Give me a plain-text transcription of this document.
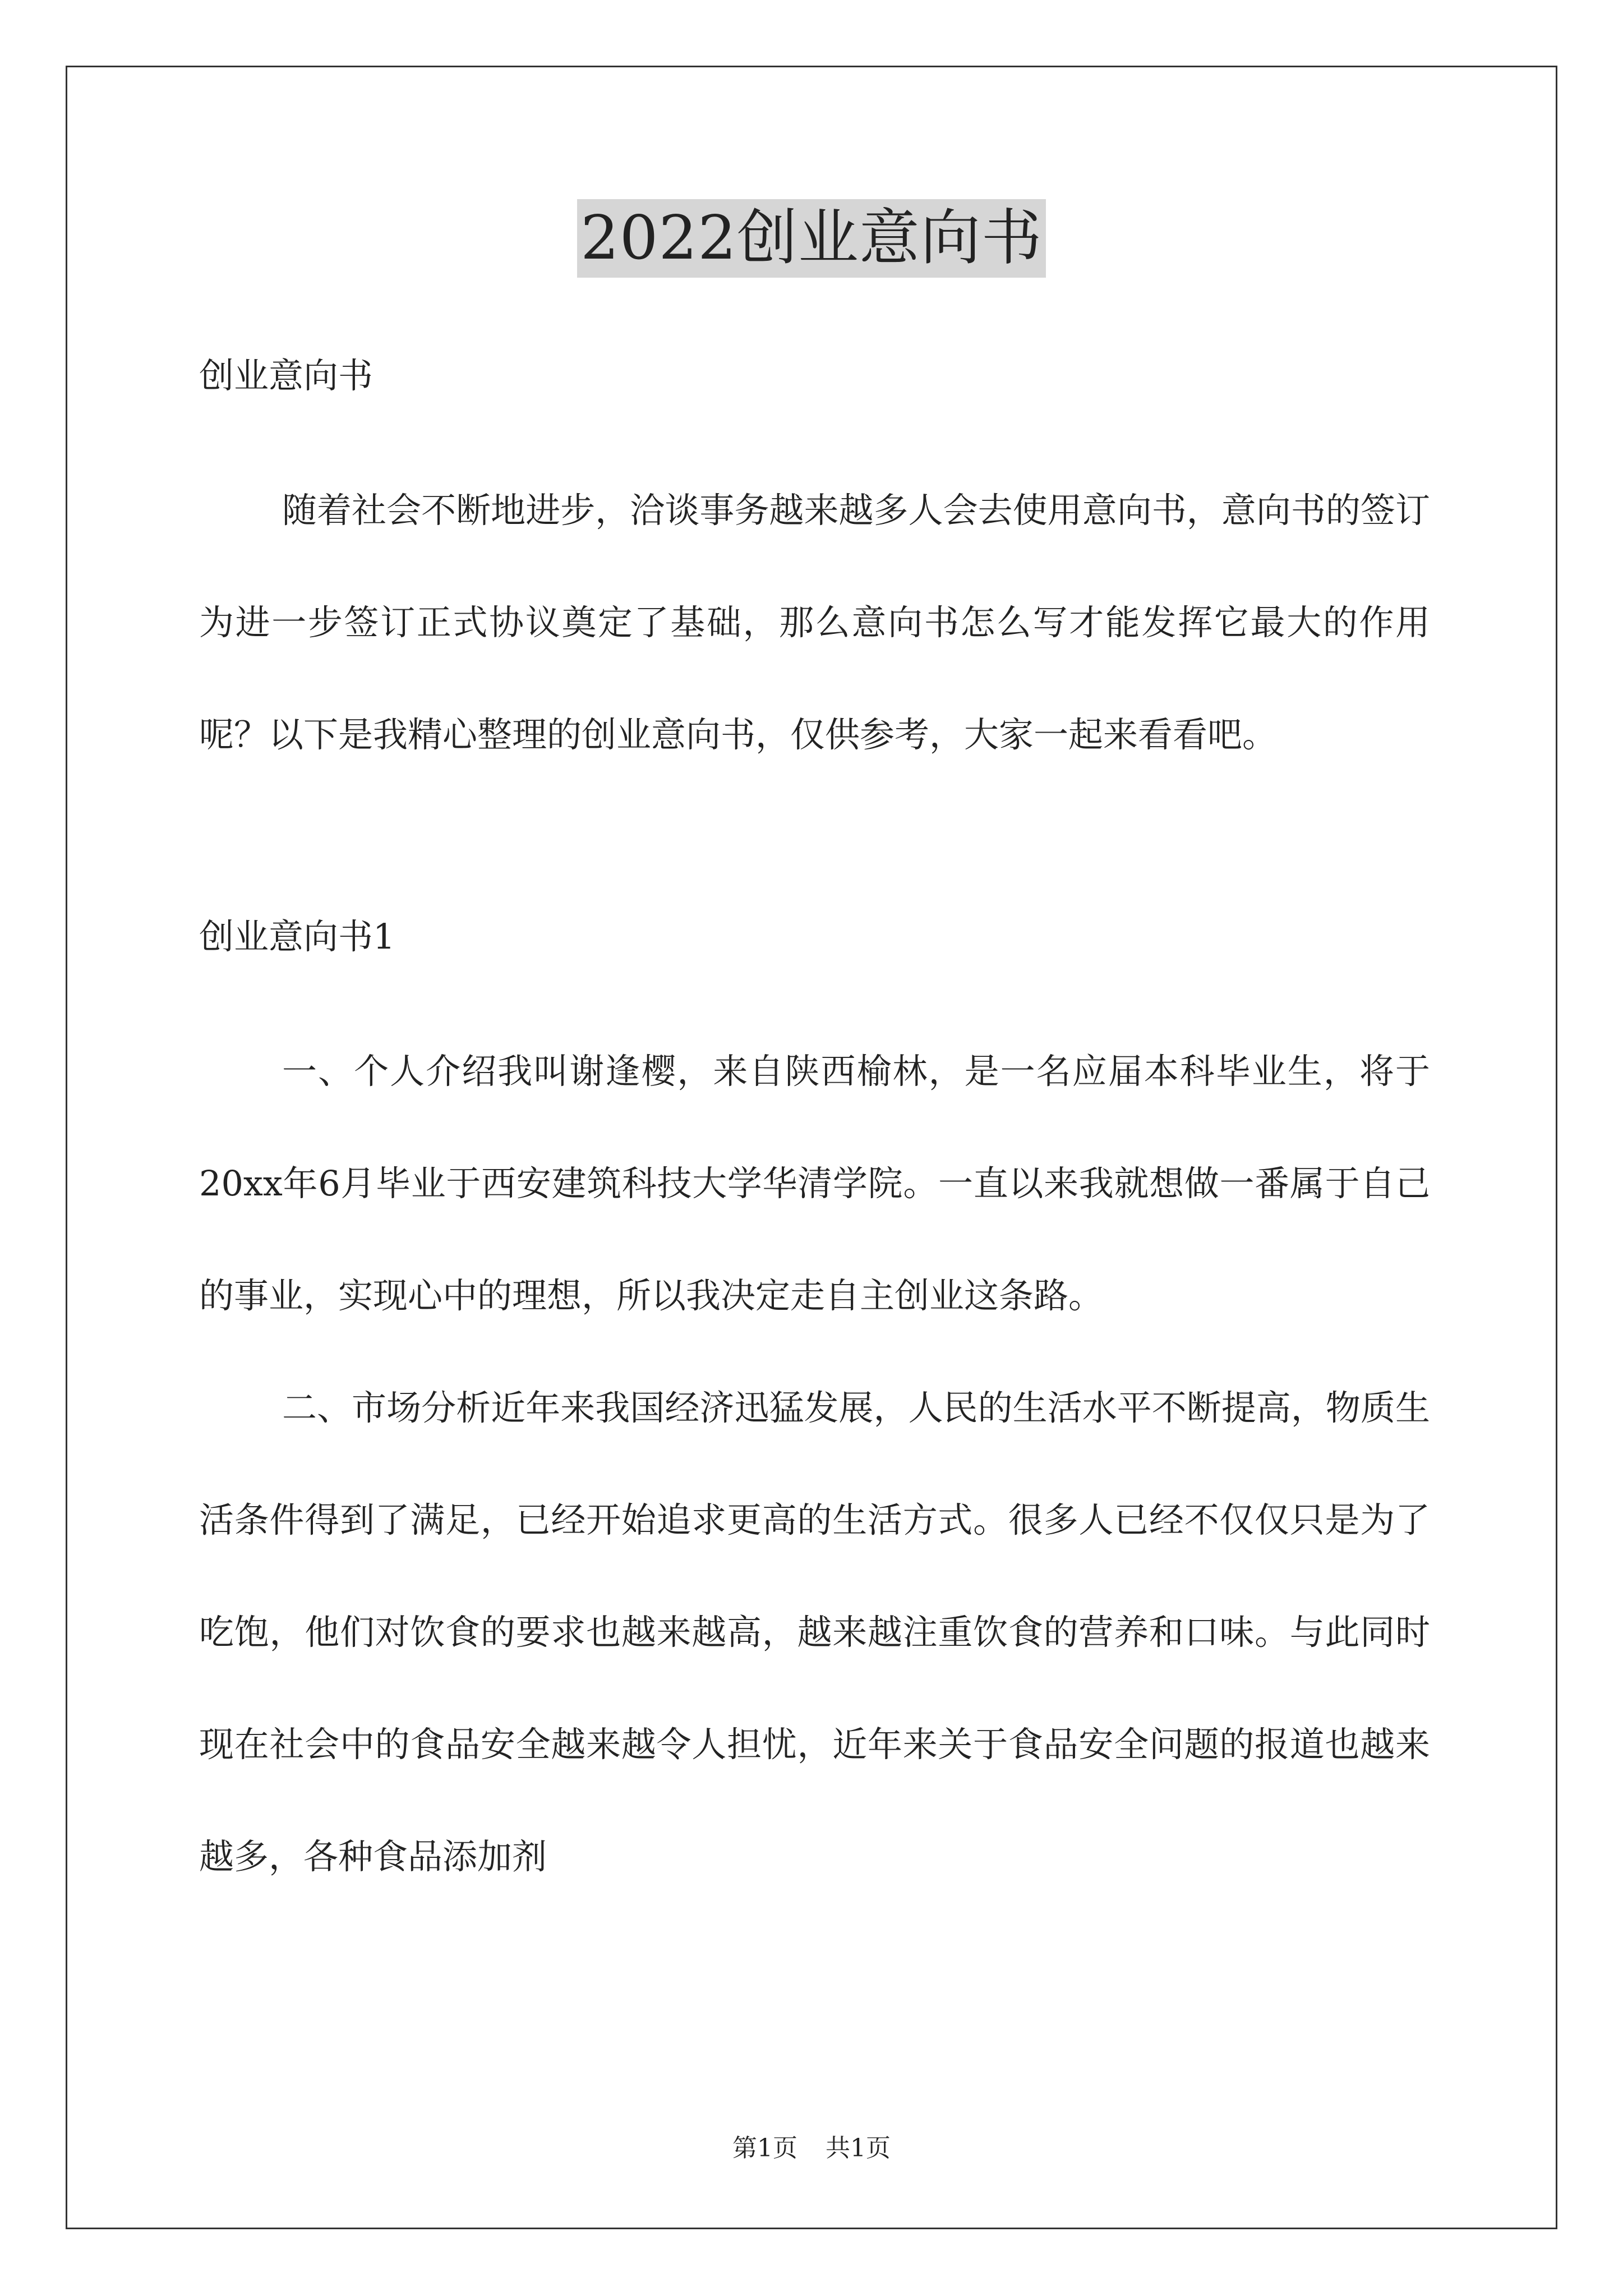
2022创业意向书

创业意向书

随着社会不断地进步，洽谈事务越来越多人会去使用意向书，意向书的签订为进一步签订正式协议奠定了基础，那么意向书怎么写才能发挥它最大的作用呢？以下是我精心整理的创业意向书，仅供参考，大家一起来看看吧。

创业意向书1

一、个人介绍我叫谢逢樱，来自陕西榆林，是一名应届本科毕业生，将于20xx年6月毕业于西安建筑科技大学华清学院。一直以来我就想做一番属于自己的事业，实现心中的理想，所以我决定走自主创业这条路。

二、市场分析近年来我国经济迅猛发展，人民的生活水平不断提高，物质生活条件得到了满足，已经开始追求更高的生活方式。很多人已经不仅仅只是为了吃饱，他们对饮食的要求也越来越高，越来越注重饮食的营养和口味。与此同时现在社会中的食品安全越来越令人担忧，近年来关于食品安全问题的报道也越来越多，各种食品添加剂

第1页 共1页
